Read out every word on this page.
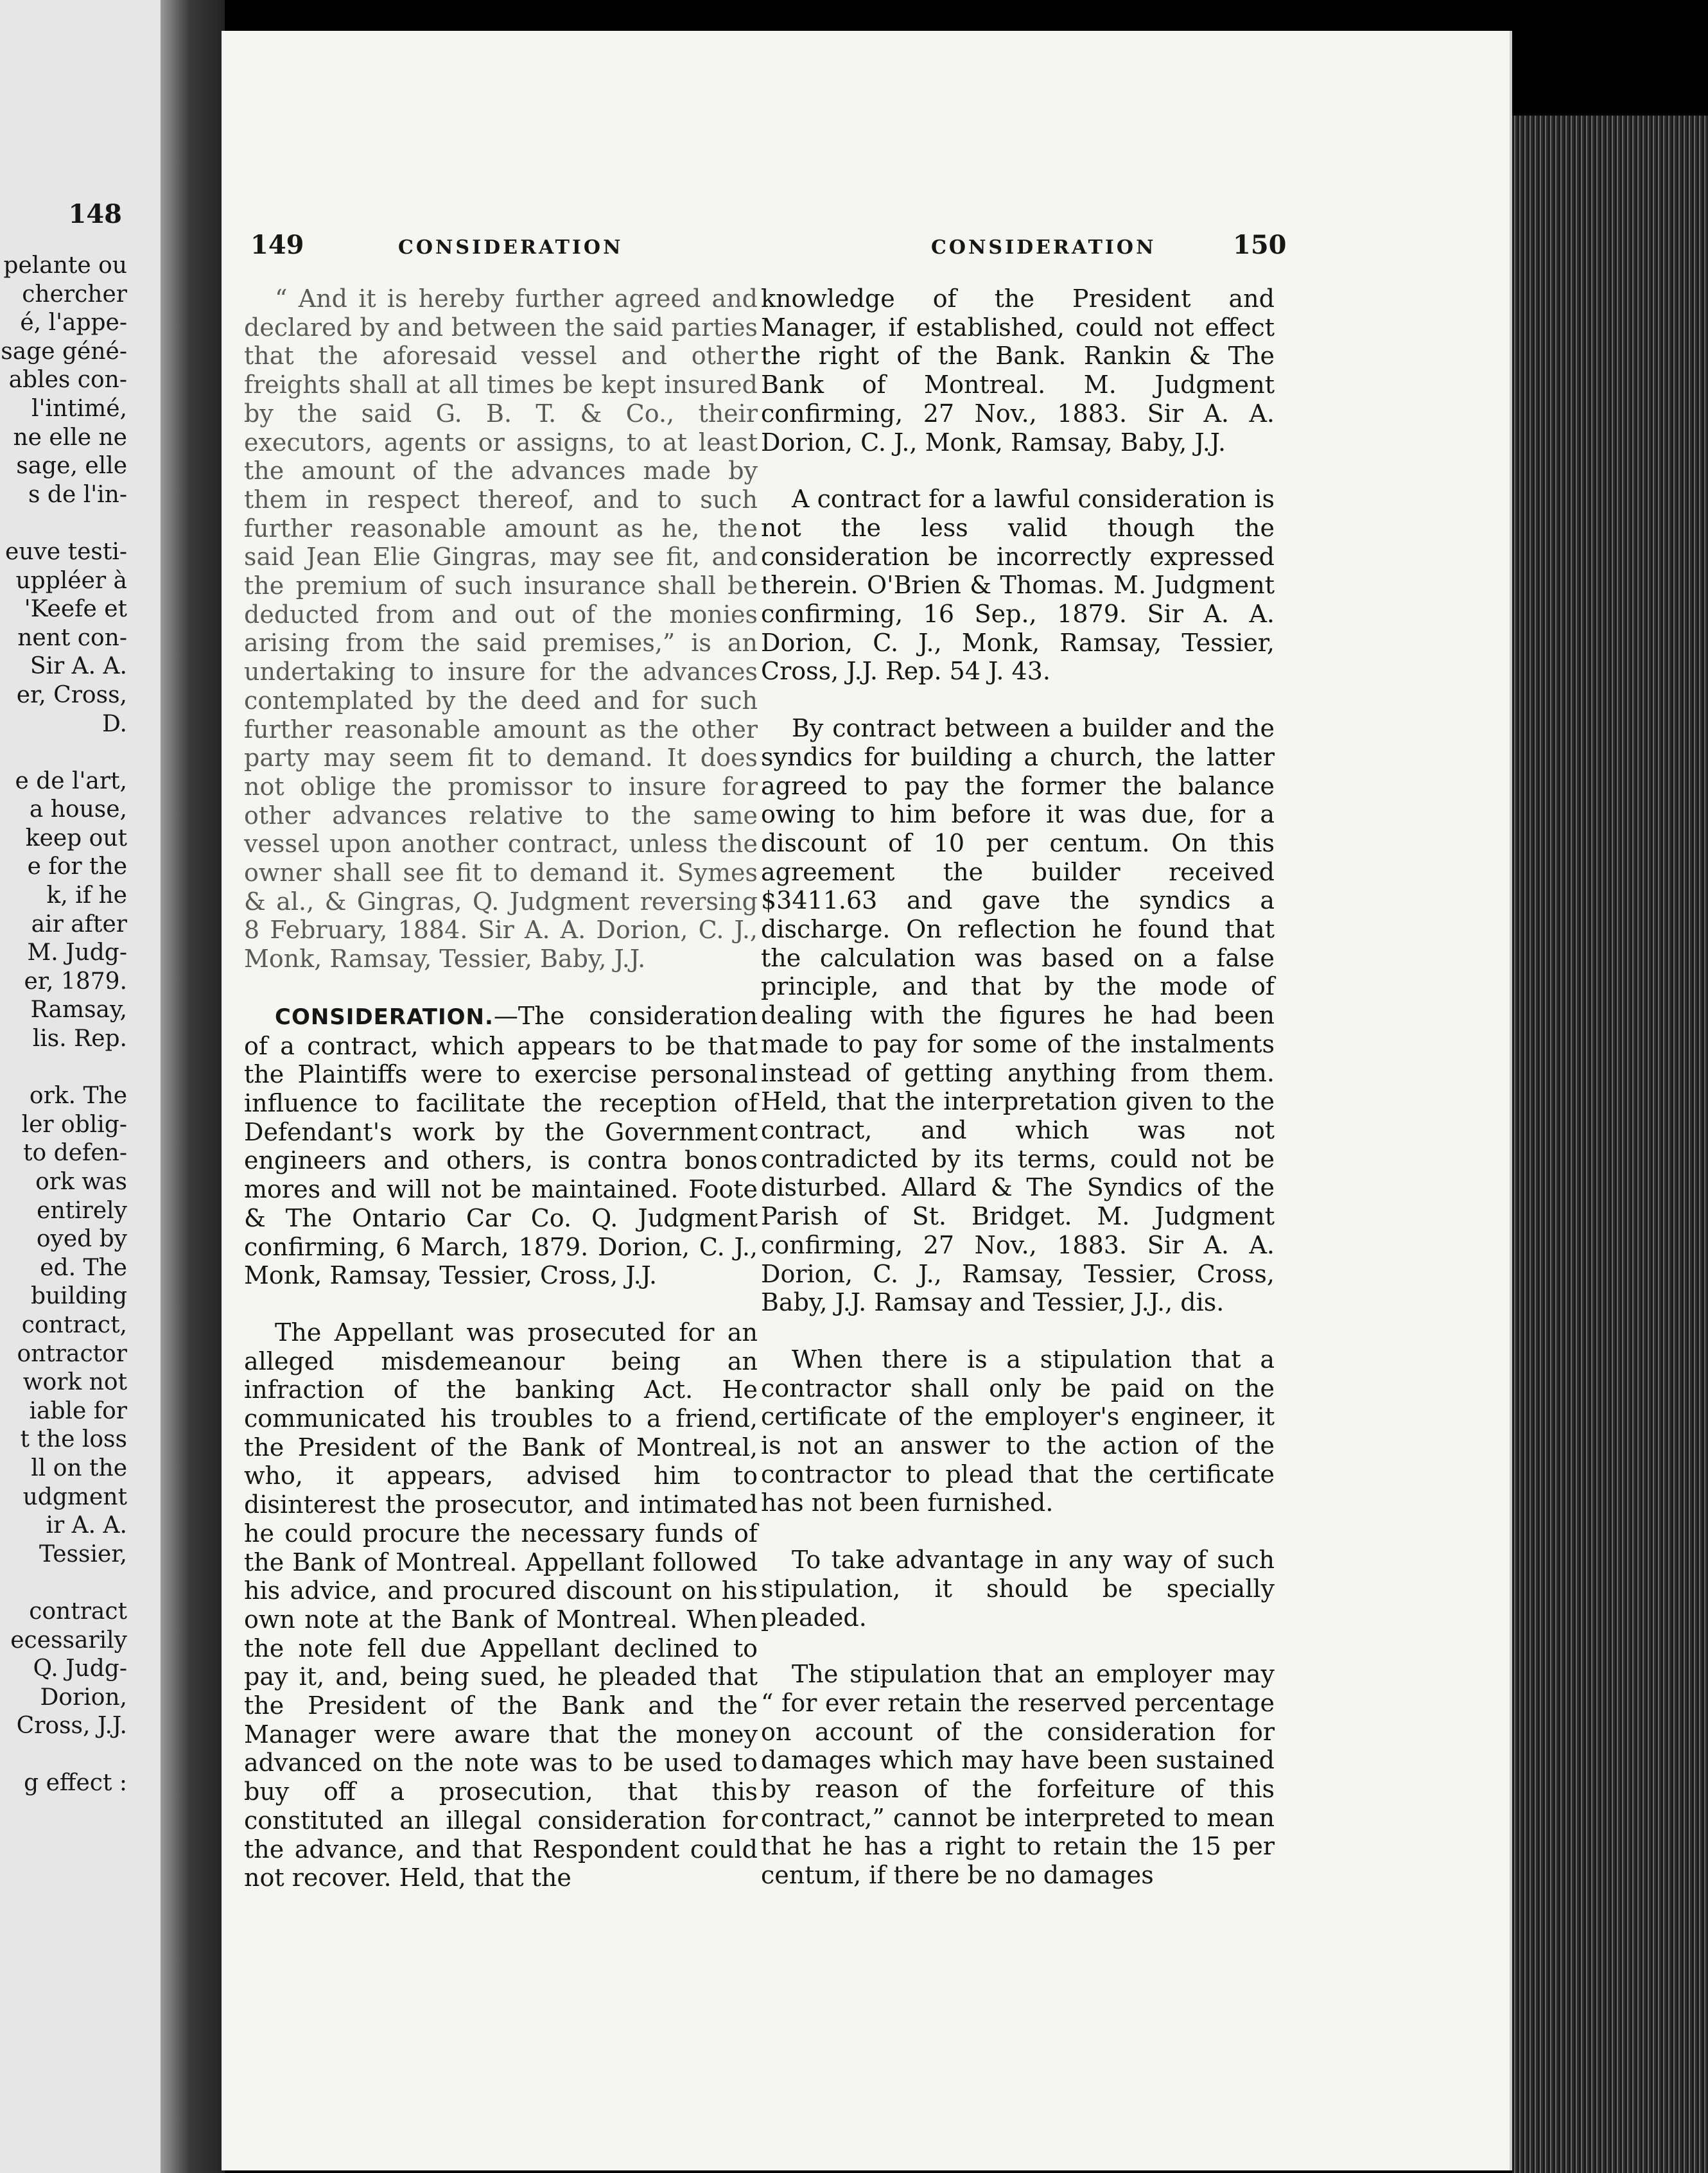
148
pelante ou
chercher
é, l'appe-
sage géné-
ables con-
l'intimé,
ne elle ne
sage, elle
s de l'in-
euve testi-
uppléer à
'Keefe et
nent con-
Sir A. A.
er, Cross,
D.
e de l'art,
a house,
keep out
e for the
k, if he
air after
M. Judg-
er, 1879.
Ramsay,
lis. Rep.
ork. The
ler oblig-
to defen-
ork was
entirely
oyed by
ed. The
building
contract,
ontractor
work not
iable for
t the loss
ll on the
udgment
ir A. A.
Tessier,
contract
ecessarily
Q. Judg-
Dorion,
Cross, J.J.
g effect :
149	CONSIDERATION	CONSIDERATION	150

“ And it is hereby further agreed and declared by and between the said parties that the aforesaid vessel and other freights shall at all times be kept insured by the said G. B. T. & Co., their executors, agents or assigns, to at least the amount of the advances made by them in respect thereof, and to such further reasonable amount as he, the said Jean Elie Gingras, may see fit, and the premium of such insurance shall be deducted from and out of the monies arising from the said premises,” is an undertaking to insure for the advances contemplated by the deed and for such further reasonable amount as the other party may seem fit to demand. It does not oblige the promissor to insure for other advances relative to the same vessel upon another contract, unless the owner shall see fit to demand it. Symes & al., & Gingras, Q. Judgment reversing 8 February, 1884. Sir A. A. Dorion, C. J., Monk, Ramsay, Tessier, Baby, J.J.

CONSIDERATION.—The consideration of a contract, which appears to be that the Plaintiffs were to exercise personal influence to facilitate the reception of Defendant's work by the Government engineers and others, is contra bonos mores and will not be maintained. Foote & The Ontario Car Co. Q. Judgment confirming, 6 March, 1879. Dorion, C. J., Monk, Ramsay, Tessier, Cross, J.J.

The Appellant was prosecuted for an alleged misdemeanour being an infraction of the banking Act. He communicated his troubles to a friend, the President of the Bank of Montreal, who, it appears, advised him to disinterest the prosecutor, and intimated he could procure the necessary funds of the Bank of Montreal. Appellant followed his advice, and procured discount on his own note at the Bank of Montreal. When the note fell due Appellant declined to pay it, and, being sued, he pleaded that the President of the Bank and the Manager were aware that the money advanced on the note was to be used to buy off a prosecution, that this constituted an illegal consideration for the advance, and that Respondent could not recover. Held, that the

knowledge of the President and Manager, if established, could not effect the right of the Bank. Rankin & The Bank of Montreal. M. Judgment confirming, 27 Nov., 1883. Sir A. A. Dorion, C. J., Monk, Ramsay, Baby, J.J.

A contract for a lawful consideration is not the less valid though the consideration be incorrectly expressed therein. O'Brien & Thomas. M. Judgment confirming, 16 Sep., 1879. Sir A. A. Dorion, C. J., Monk, Ramsay, Tessier, Cross, J.J. Rep. 54 J. 43.

By contract between a builder and the syndics for building a church, the latter agreed to pay the former the balance owing to him before it was due, for a discount of 10 per centum. On this agreement the builder received $3411.63 and gave the syndics a discharge. On reflection he found that the calculation was based on a false principle, and that by the mode of dealing with the figures he had been made to pay for some of the instalments instead of getting anything from them. Held, that the interpretation given to the contract, and which was not contradicted by its terms, could not be disturbed. Allard & The Syndics of the Parish of St. Bridget. M. Judgment confirming, 27 Nov., 1883. Sir A. A. Dorion, C. J., Ramsay, Tessier, Cross, Baby, J.J. Ramsay and Tessier, J.J., dis.

When there is a stipulation that a contractor shall only be paid on the certificate of the employer's engineer, it is not an answer to the action of the contractor to plead that the certificate has not been furnished.

To take advantage in any way of such stipulation, it should be specially pleaded.

The stipulation that an employer may “ for ever retain the reserved percentage on account of the consideration for damages which may have been sustained by reason of the forfeiture of this contract,” cannot be interpreted to mean that he has a right to retain the 15 per centum, if there be no damages
